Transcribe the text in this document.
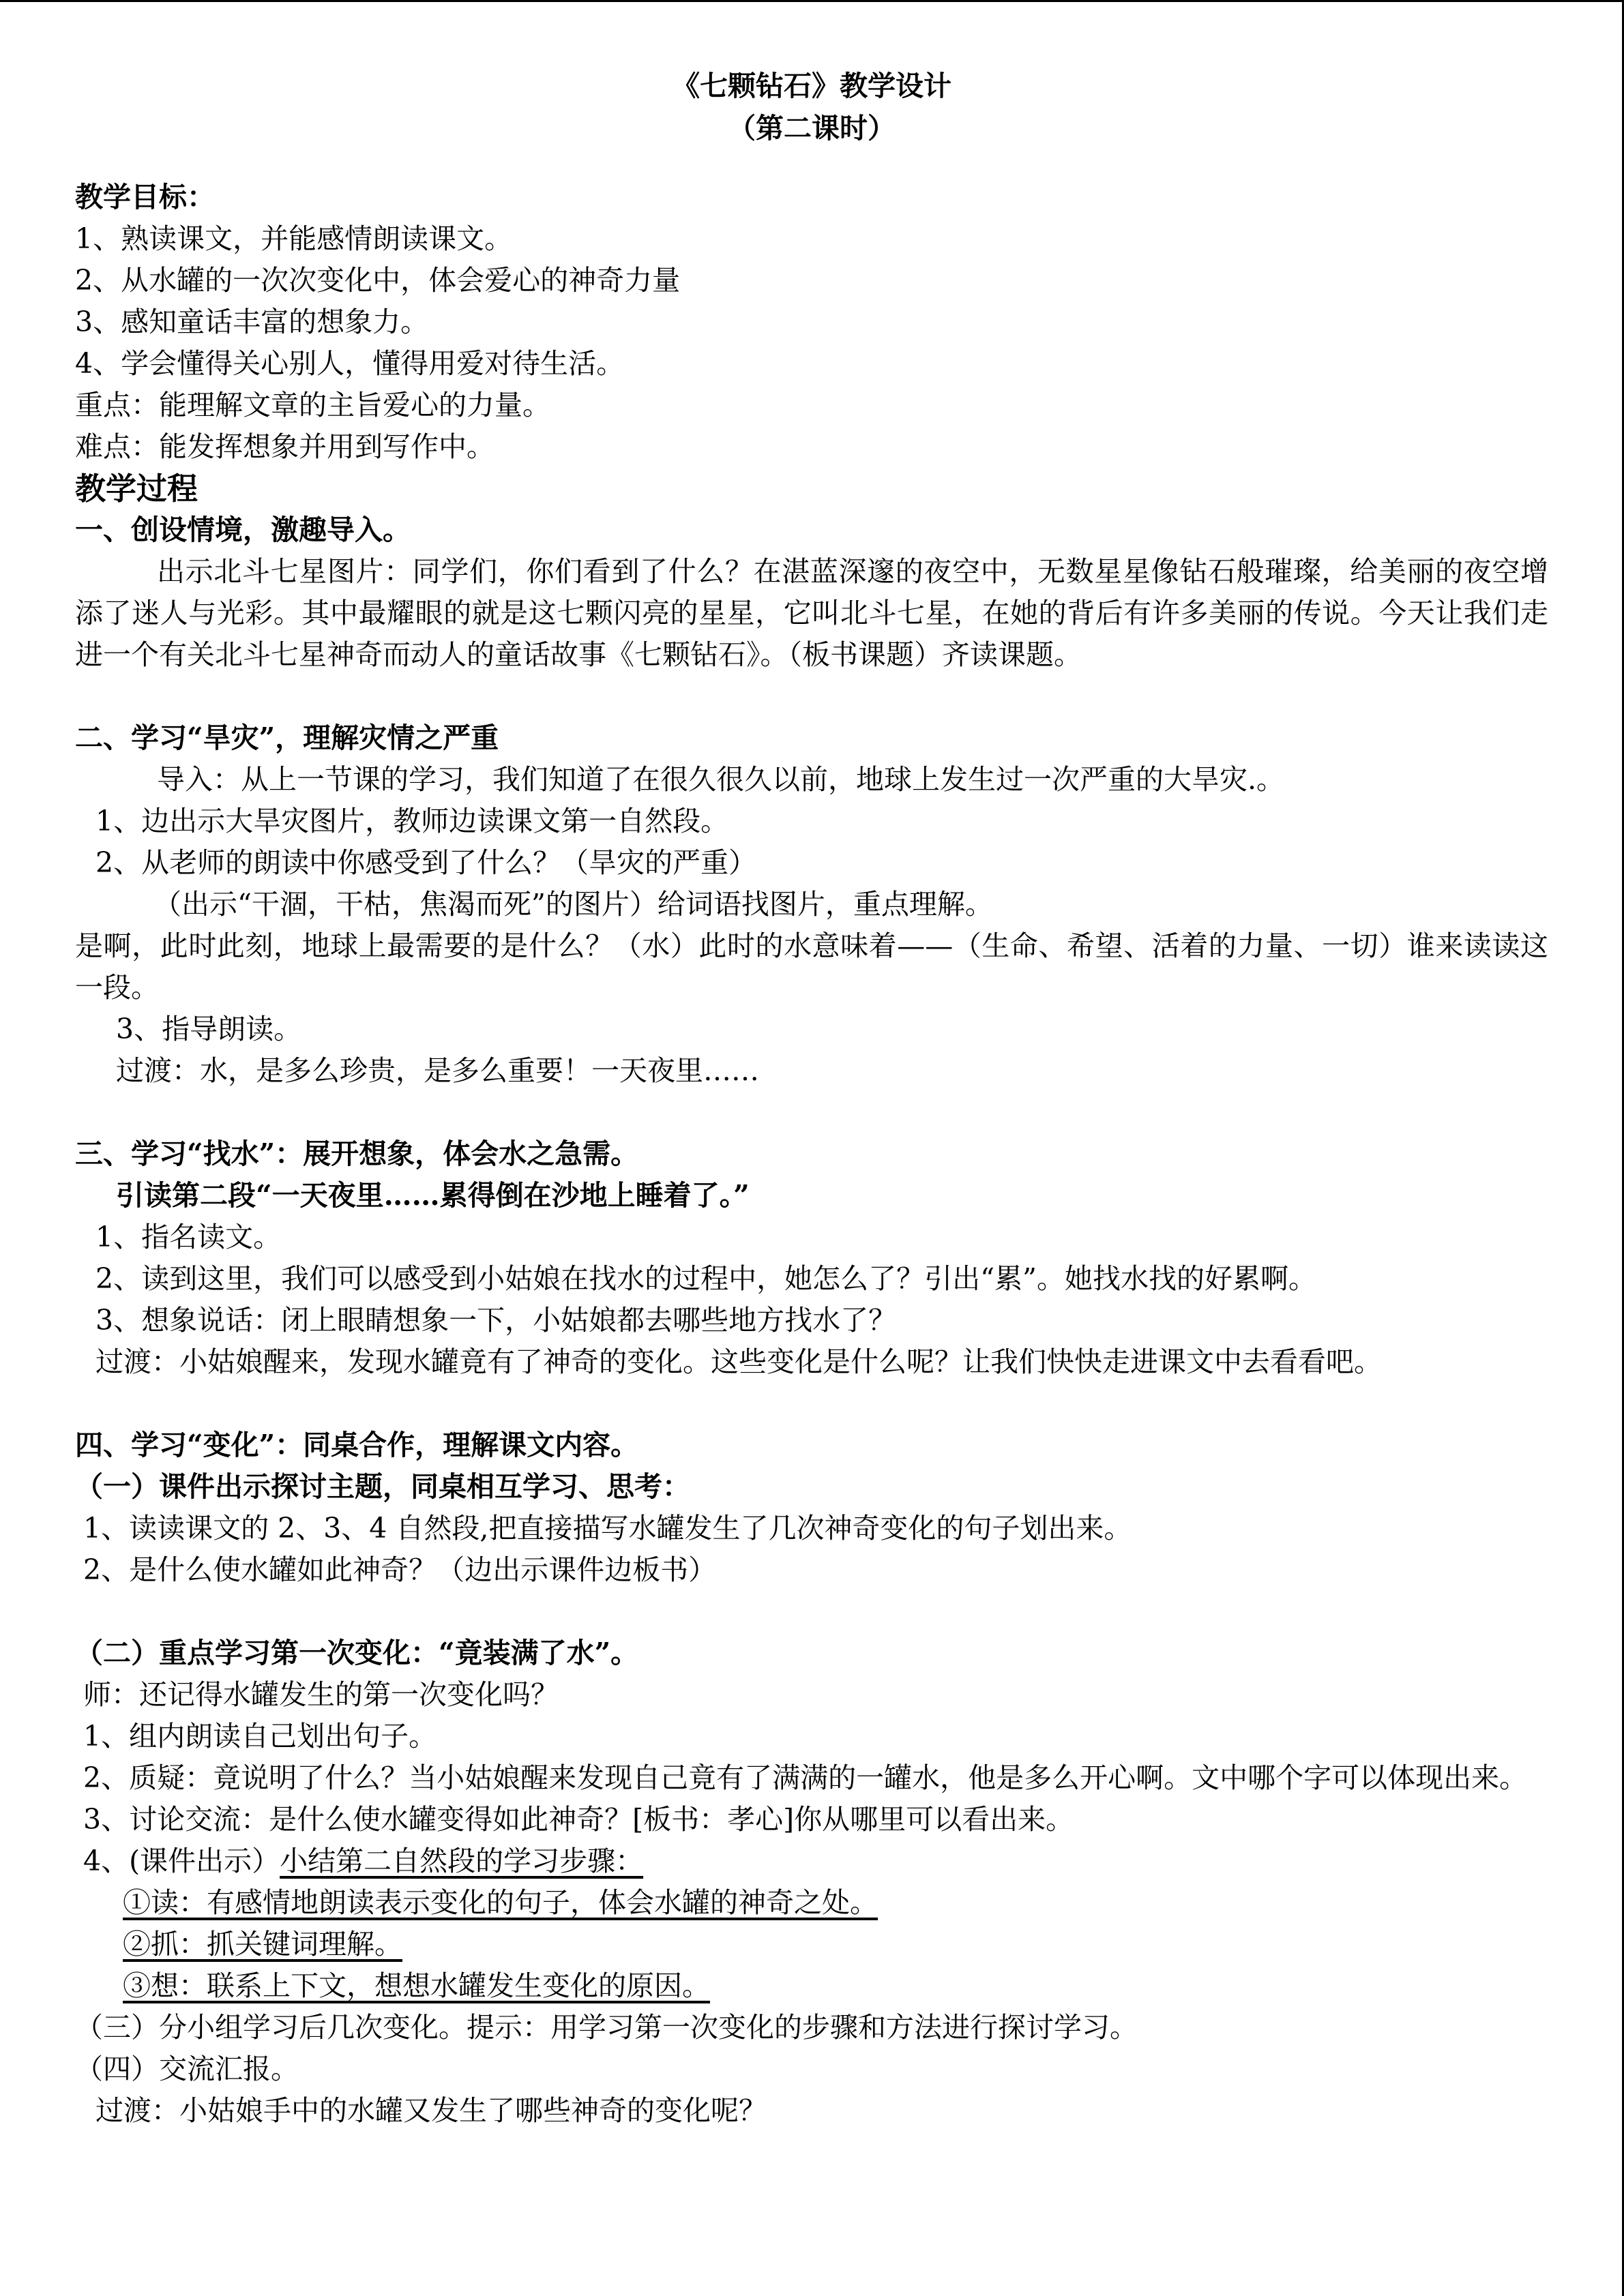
《七颗钻石》教学设计
（第二课时）
教学目标：
1、熟读课文，并能感情朗读课文。
2、从水罐的一次次变化中，体会爱心的神奇力量
3、感知童话丰富的想象力。
4、学会懂得关心别人，懂得用爱对待生活。
重点：能理解文章的主旨爱心的力量。
难点：能发挥想象并用到写作中。
教学过程
一、创设情境，激趣导入。
出示北斗七星图片：同学们，你们看到了什么？在湛蓝深邃的夜空中，无数星星像钻石般璀璨，给美丽的夜空增添了迷人与光彩。其中最耀眼的就是这七颗闪亮的星星，它叫北斗七星，在她的背后有许多美丽的传说。今天让我们走进一个有关北斗七星神奇而动人的童话故事《七颗钻石》。（板书课题）齐读课题。
二、学习“旱灾”，理解灾情之严重
导入：从上一节课的学习，我们知道了在很久很久以前，地球上发生过一次严重的大旱灾.。
1、边出示大旱灾图片，教师边读课文第一自然段。
2、从老师的朗读中你感受到了什么？（旱灾的严重）
（出示“干涸，干枯，焦渴而死”的图片）给词语找图片，重点理解。
是啊，此时此刻，地球上最需要的是什么？（水）此时的水意味着——（生命、希望、活着的力量、一切）谁来读读这一段。
3、指导朗读。
过渡：水，是多么珍贵，是多么重要！一天夜里……
三、学习“找水”：展开想象，体会水之急需。
引读第二段“一天夜里……累得倒在沙地上睡着了。”
1、指名读文。
2、读到这里，我们可以感受到小姑娘在找水的过程中，她怎么了？引出“累”。她找水找的好累啊。
3、想象说话：闭上眼睛想象一下，小姑娘都去哪些地方找水了？
过渡：小姑娘醒来，发现水罐竟有了神奇的变化。这些变化是什么呢？让我们快快走进课文中去看看吧。
四、学习“变化”：同桌合作，理解课文内容。
（一）课件出示探讨主题，同桌相互学习、思考：
1、读读课文的 2、3、4 自然段,把直接描写水罐发生了几次神奇变化的句子划出来。
2、是什么使水罐如此神奇？（边出示课件边板书）
（二）重点学习第一次变化：“竟装满了水”。
师：还记得水罐发生的第一次变化吗？
1、组内朗读自己划出句子。
2、质疑：竟说明了什么？当小姑娘醒来发现自己竟有了满满的一罐水，他是多么开心啊。文中哪个字可以体现出来。
3、讨论交流：是什么使水罐变得如此神奇？[板书：孝心]你从哪里可以看出来。
4、(课件出示）小结第二自然段的学习步骤：
①读：有感情地朗读表示变化的句子，体会水罐的神奇之处。
②抓：抓关键词理解。
③想：联系上下文，想想水罐发生变化的原因。
（三）分小组学习后几次变化。提示：用学习第一次变化的步骤和方法进行探讨学习。
（四）交流汇报。
过渡：小姑娘手中的水罐又发生了哪些神奇的变化呢？
